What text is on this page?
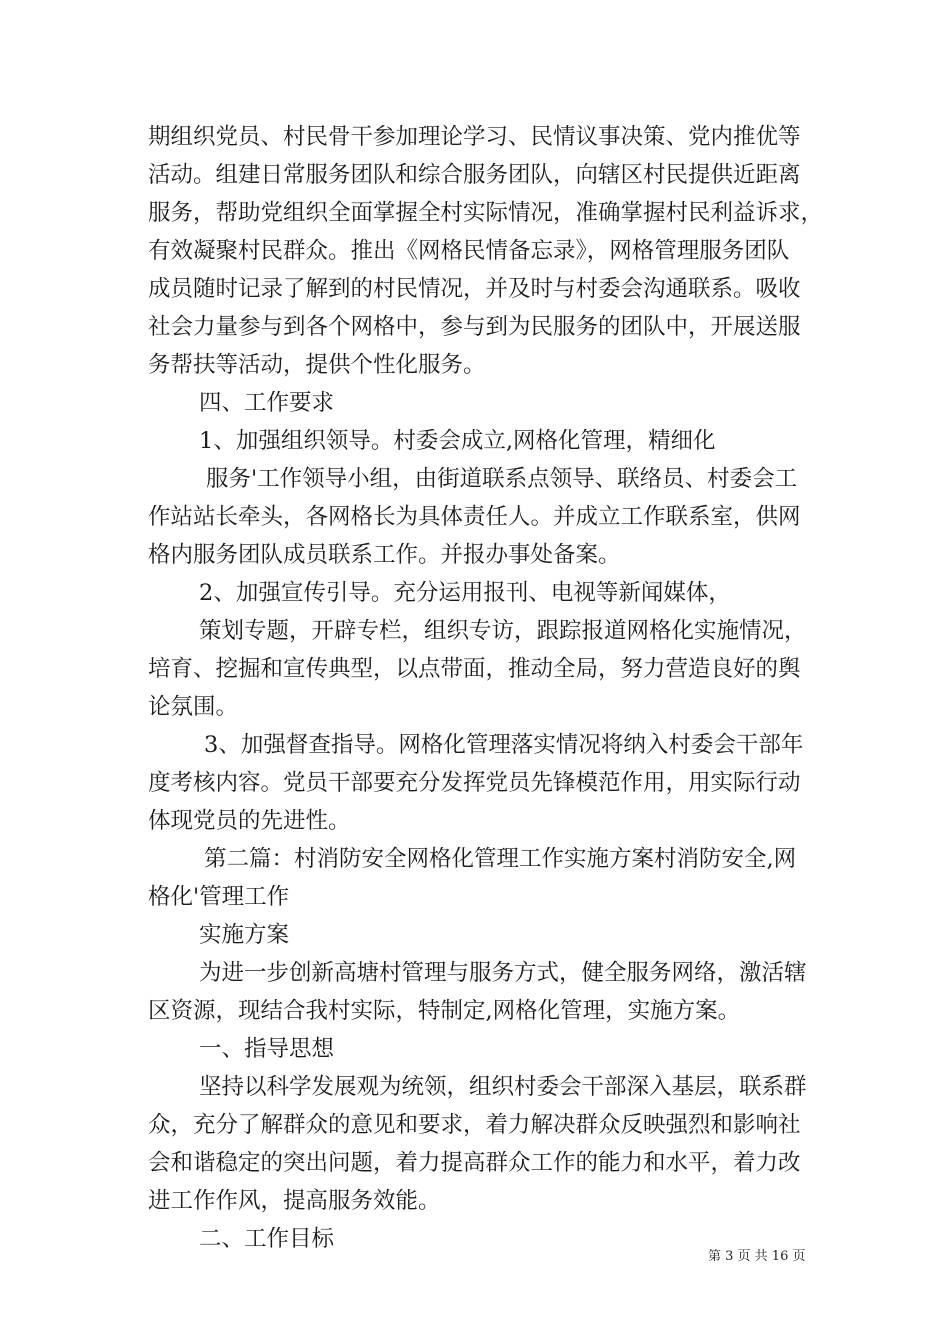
期组织党员、村民骨干参加理论学习、民情议事决策、党内推优等

活动。组建日常服务团队和综合服务团队，向辖区村民提供近距离

服务，帮助党组织全面掌握全村实际情况，准确掌握村民利益诉求，

有效凝聚村民群众。推出《网格民情备忘录》，网格管理服务团队

成员随时记录了解到的村民情况，并及时与村委会沟通联系。吸收

社会力量参与到各个网格中，参与到为民服务的团队中，开展送服

务帮扶等活动，提供个性化服务。

四、工作要求

1、加强组织领导。村委会成立,网格化管理，精细化

服务'工作领导小组，由街道联系点领导、联络员、村委会工

作站站长牵头，各网格长为具体责任人。并成立工作联系室，供网

格内服务团队成员联系工作。并报办事处备案。

2、加强宣传引导。充分运用报刊、电视等新闻媒体，

策划专题，开辟专栏，组织专访，跟踪报道网格化实施情况，

培育、挖掘和宣传典型，以点带面，推动全局，努力营造良好的舆

论氛围。

3、加强督查指导。网格化管理落实情况将纳入村委会干部年

度考核内容。党员干部要充分发挥党员先锋模范作用，用实际行动

体现党员的先进性。

第二篇：村消防安全网格化管理工作实施方案村消防安全,网

格化'管理工作

实施方案

为进一步创新高塘村管理与服务方式，健全服务网络，激活辖

区资源，现结合我村实际，特制定,网格化管理，实施方案。

一、指导思想

坚持以科学发展观为统领，组织村委会干部深入基层，联系群

众，充分了解群众的意见和要求，着力解决群众反映强烈和影响社

会和谐稳定的突出问题，着力提高群众工作的能力和水平，着力改

进工作作风，提高服务效能。

二、工作目标

第 3 页 共 16 页
